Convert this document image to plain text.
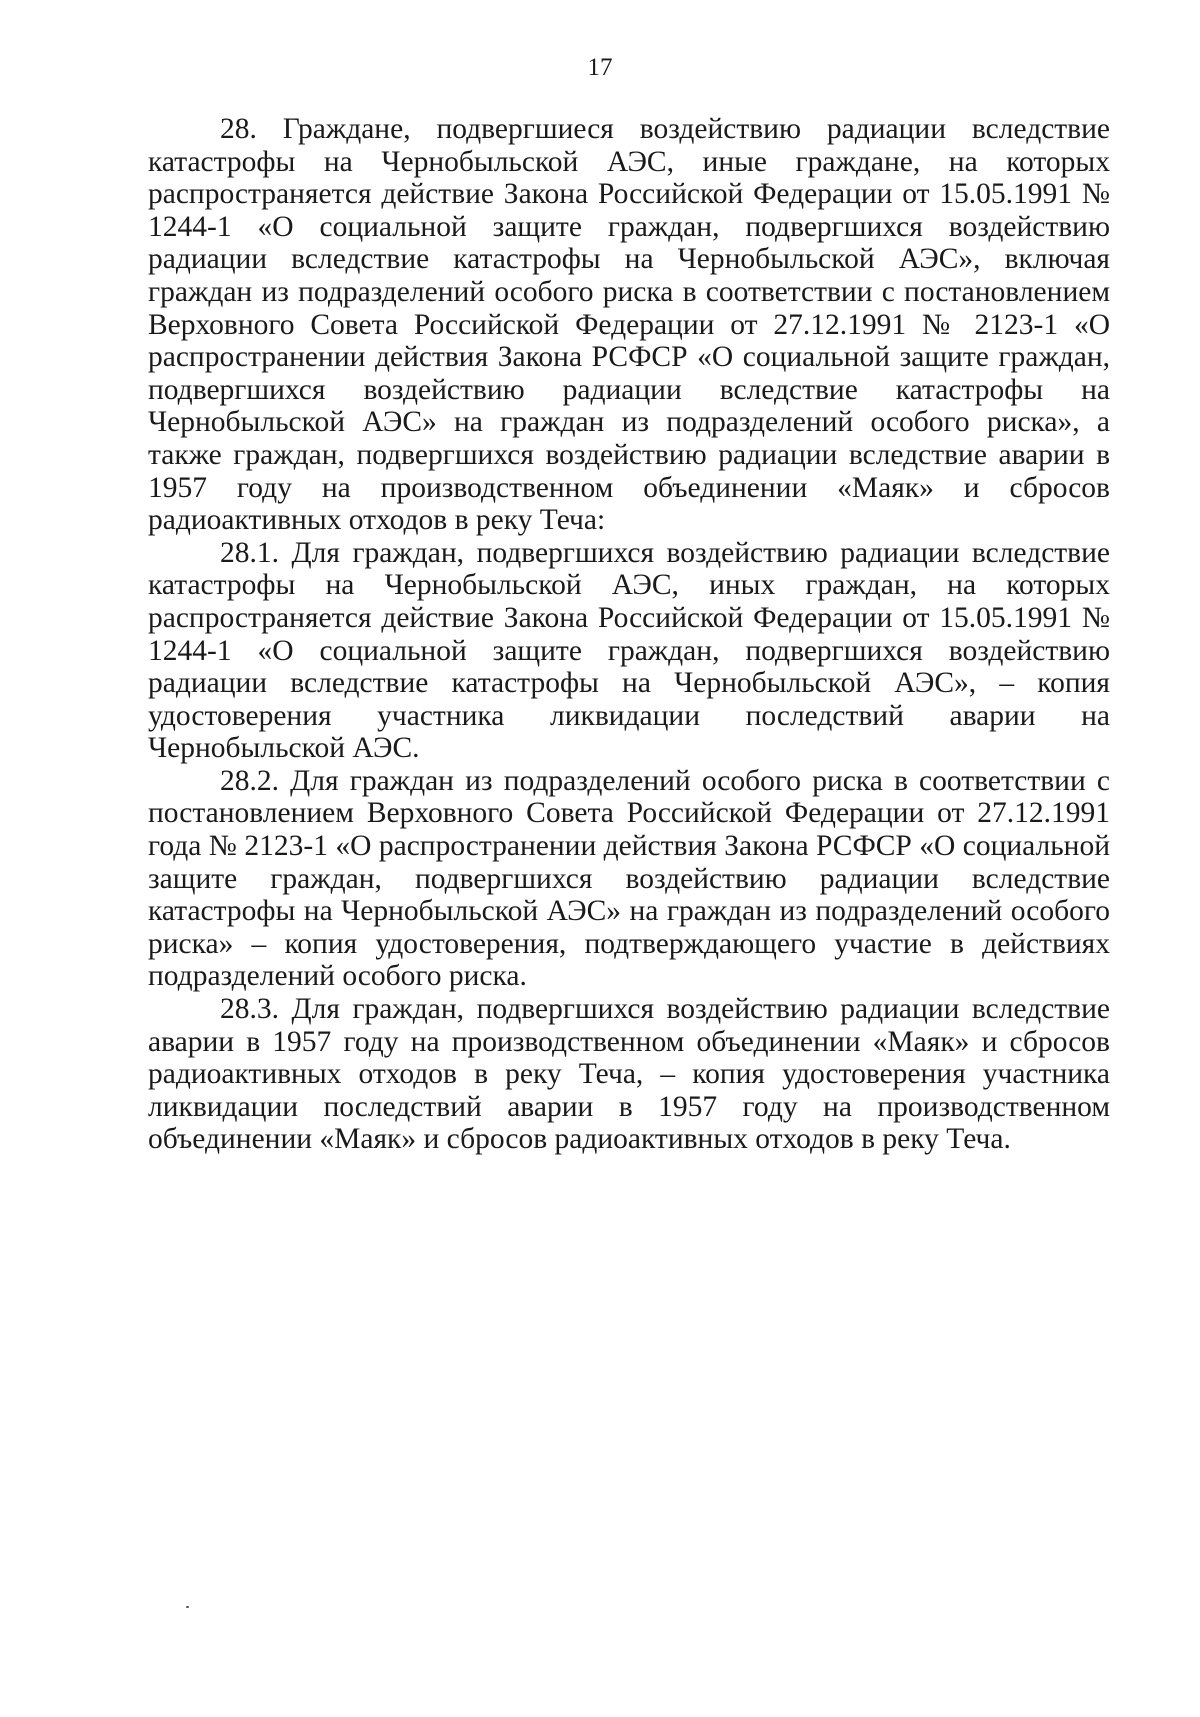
17

28. Граждане, подвергшиеся воздействию радиации вследствие катастрофы на Чернобыльской АЭС, иные граждане, на которых распространяется действие Закона Российской Федерации от 15.05.1991 № 1244-1 «О социальной защите граждан, подвергшихся воздействию радиации вследствие катастрофы на Чернобыльской АЭС», включая граждан из подразделений особого риска в соответствии с постановлением Верховного Совета Российской Федерации от 27.12.1991 № 2123-1 «О распространении действия Закона РСФСР «О социальной защите граждан, подвергшихся воздействию радиации вследствие катастрофы на Чернобыльской АЭС» на граждан из подразделений особого риска», а также граждан, подвергшихся воздействию радиации вследствие аварии в 1957 году на производственном объединении «Маяк» и сбросов радиоактивных отходов в реку Теча:

28.1. Для граждан, подвергшихся воздействию радиации вследствие катастрофы на Чернобыльской АЭС, иных граждан, на которых распространяется действие Закона Российской Федерации от 15.05.1991 № 1244-1 «О социальной защите граждан, подвергшихся воздействию радиации вследствие катастрофы на Чернобыльской АЭС», – копия удостоверения участника ликвидации последствий аварии на Чернобыльской АЭС.

28.2. Для граждан из подразделений особого риска в соответствии с постановлением Верховного Совета Российской Федерации от 27.12.1991 года № 2123-1 «О распространении действия Закона РСФСР «О социальной защите граждан, подвергшихся воздействию радиации вследствие катастрофы на Чернобыльской АЭС» на граждан из подразделений особого риска» – копия удостоверения, подтверждающего участие в действиях подразделений особого риска.

28.3. Для граждан, подвергшихся воздействию радиации вследствие аварии в 1957 году на производственном объединении «Маяк» и сбросов радиоактивных отходов в реку Теча, – копия удостоверения участника ликвидации последствий аварии в 1957 году на производственном объединении «Маяк» и сбросов радиоактивных отходов в реку Теча.
